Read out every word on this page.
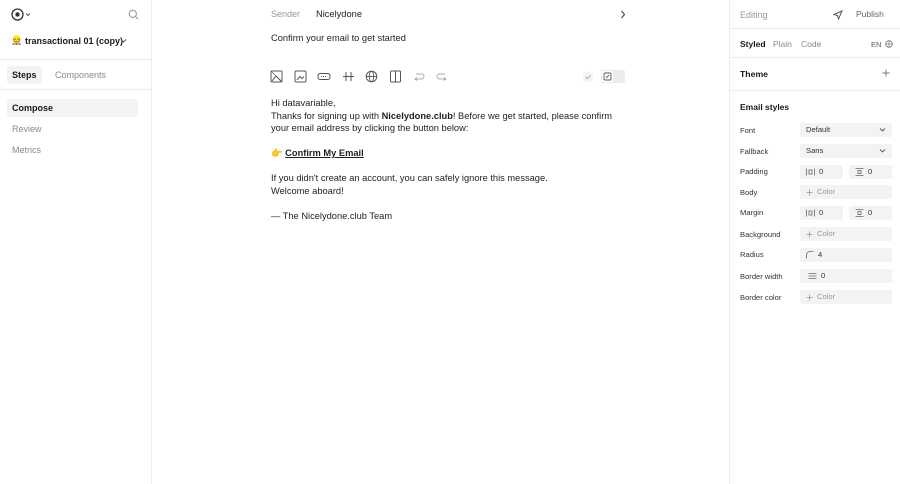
👷 transactional 01 (copy)
Steps	Components
Compose
Review
Metrics
Sender Nicelydone
Confirm your email to get started
Hi datavariable,
Thanks for signing up with Nicelydone.club! Before we get started, please confirm your email address by clicking the button below:
👉 Confirm My Email
If you didn't create an account, you can safely ignore this message. Welcome aboard!
— The Nicelydone.club Team
Editing	Publish
Styled Plain Code	EN
Theme
Email styles
Font	Default
Fallback	Sans
Padding	0	0
Body	Color
Margin	0	0
Background	Color
Radius	4
Border width	0
Border color	Color
